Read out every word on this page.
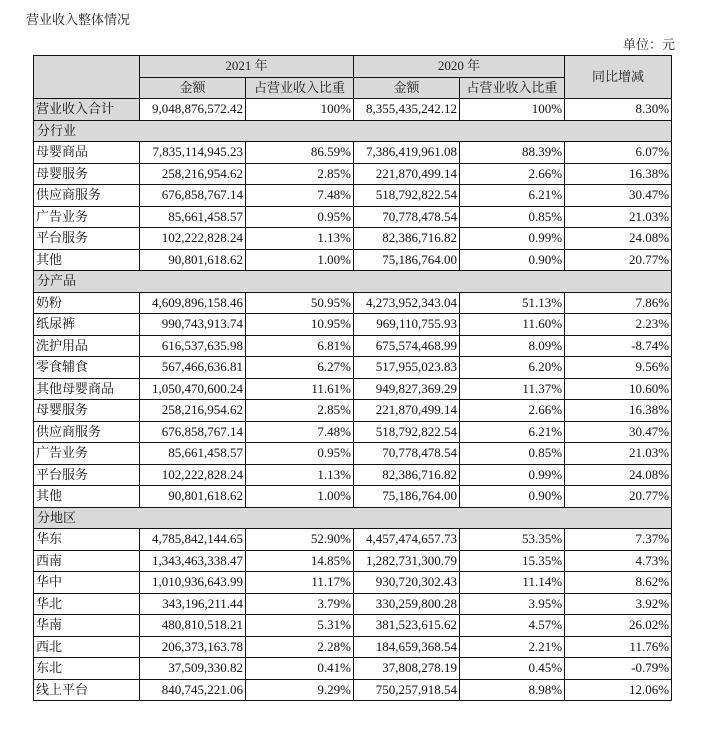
营业收入整体情况
单位：元
	2021 年		2020 年		同比增减
	金额	占营业收入比重	金额	占营业收入比重	
营业收入合计	9,048,876,572.42	100%	8,355,435,242.12	100%	8.30%
分行业					
母婴商品	7,835,114,945.23	86.59%	7,386,419,961.08	88.39%	6.07%
母婴服务	258,216,954.62	2.85%	221,870,499.14	2.66%	16.38%
供应商服务	676,858,767.14	7.48%	518,792,822.54	6.21%	30.47%
广告业务	85,661,458.57	0.95%	70,778,478.54	0.85%	21.03%
平台服务	102,222,828.24	1.13%	82,386,716.82	0.99%	24.08%
其他	90,801,618.62	1.00%	75,186,764.00	0.90%	20.77%
分产品					
奶粉	4,609,896,158.46	50.95%	4,273,952,343.04	51.13%	7.86%
纸尿裤	990,743,913.74	10.95%	969,110,755.93	11.60%	2.23%
洗护用品	616,537,635.98	6.81%	675,574,468.99	8.09%	-8.74%
零食辅食	567,466,636.81	6.27%	517,955,023.83	6.20%	9.56%
其他母婴商品	1,050,470,600.24	11.61%	949,827,369.29	11.37%	10.60%
母婴服务	258,216,954.62	2.85%	221,870,499.14	2.66%	16.38%
供应商服务	676,858,767.14	7.48%	518,792,822.54	6.21%	30.47%
广告业务	85,661,458.57	0.95%	70,778,478.54	0.85%	21.03%
平台服务	102,222,828.24	1.13%	82,386,716.82	0.99%	24.08%
其他	90,801,618.62	1.00%	75,186,764.00	0.90%	20.77%
分地区					
华东	4,785,842,144.65	52.90%	4,457,474,657.73	53.35%	7.37%
西南	1,343,463,338.47	14.85%	1,282,731,300.79	15.35%	4.73%
华中	1,010,936,643.99	11.17%	930,720,302.43	11.14%	8.62%
华北	343,196,211.44	3.79%	330,259,800.28	3.95%	3.92%
华南	480,810,518.21	5.31%	381,523,615.62	4.57%	26.02%
西北	206,373,163.78	2.28%	184,659,368.54	2.21%	11.76%
东北	37,509,330.82	0.41%	37,808,278.19	0.45%	-0.79%
线上平台	840,745,221.06	9.29%	750,257,918.54	8.98%	12.06%
